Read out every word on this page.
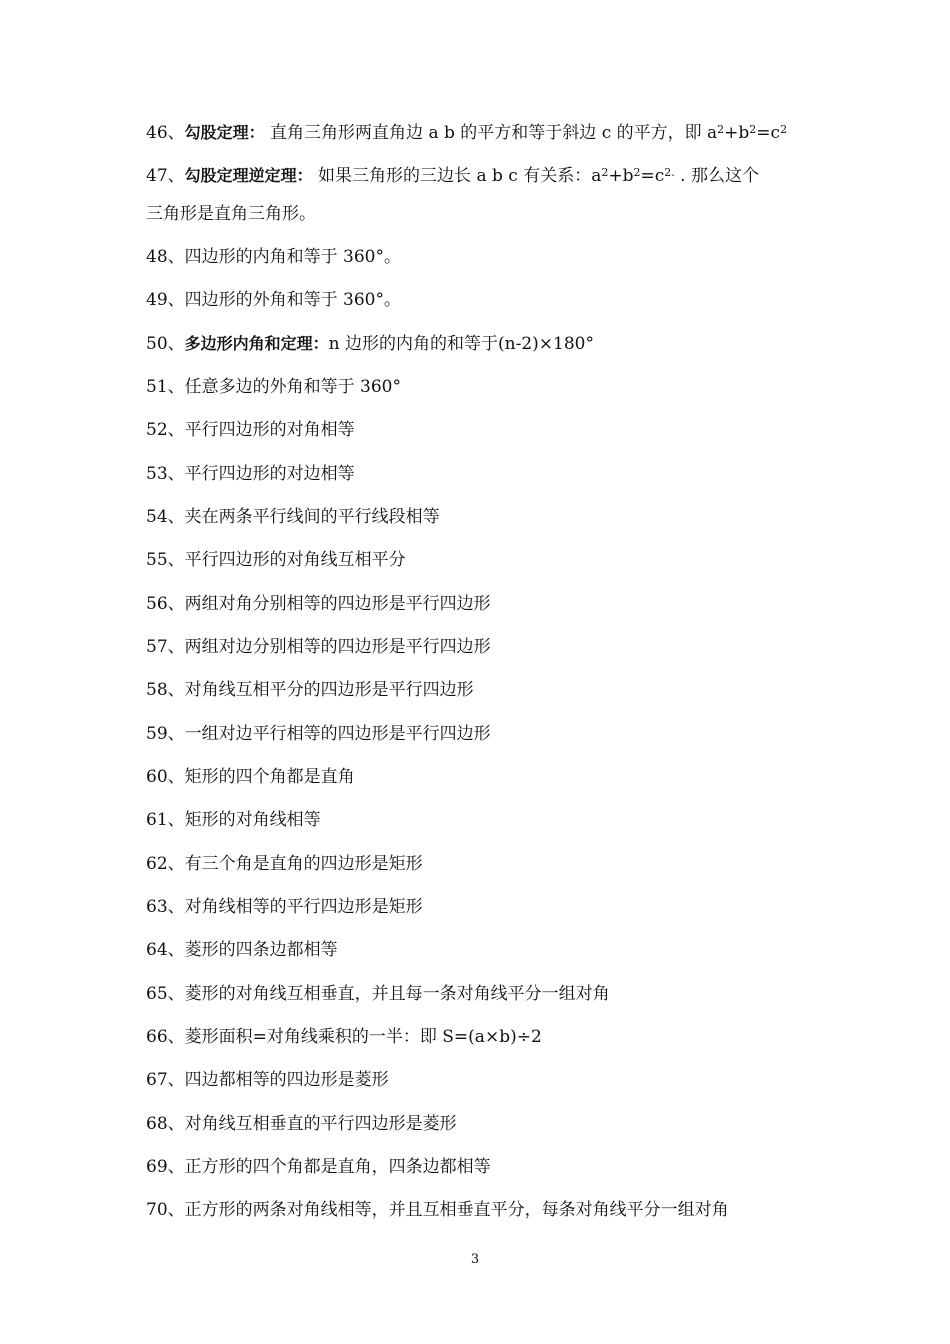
46、勾股定理： 直角三角形两直角边 a b 的平方和等于斜边 c 的平方，即 $a^2+b^2=c^2$
47、勾股定理逆定理： 如果三角形的三边长 a b c 有关系：$a^2+b^2=c^{2.}$ . 那么这个
三角形是直角三角形。
48、四边形的内角和等于 360°。
49、四边形的外角和等于 360°。
50、多边形内角和定理：n 边形的内角的和等于(n-2)×180°
51、任意多边的外角和等于 360°
52、平行四边形的对角相等
53、平行四边形的对边相等
54、夹在两条平行线间的平行线段相等
55、平行四边形的对角线互相平分
56、两组对角分别相等的四边形是平行四边形
57、两组对边分别相等的四边形是平行四边形
58、对角线互相平分的四边形是平行四边形
59、一组对边平行相等的四边形是平行四边形
60、矩形的四个角都是直角
61、矩形的对角线相等
62、有三个角是直角的四边形是矩形
63、对角线相等的平行四边形是矩形
64、菱形的四条边都相等
65、菱形的对角线互相垂直，并且每一条对角线平分一组对角
66、菱形面积=对角线乘积的一半：即 S=(a×b)÷2
67、四边都相等的四边形是菱形
68、对角线互相垂直的平行四边形是菱形
69、正方形的四个角都是直角，四条边都相等
70、正方形的两条对角线相等，并且互相垂直平分，每条对角线平分一组对角
3
